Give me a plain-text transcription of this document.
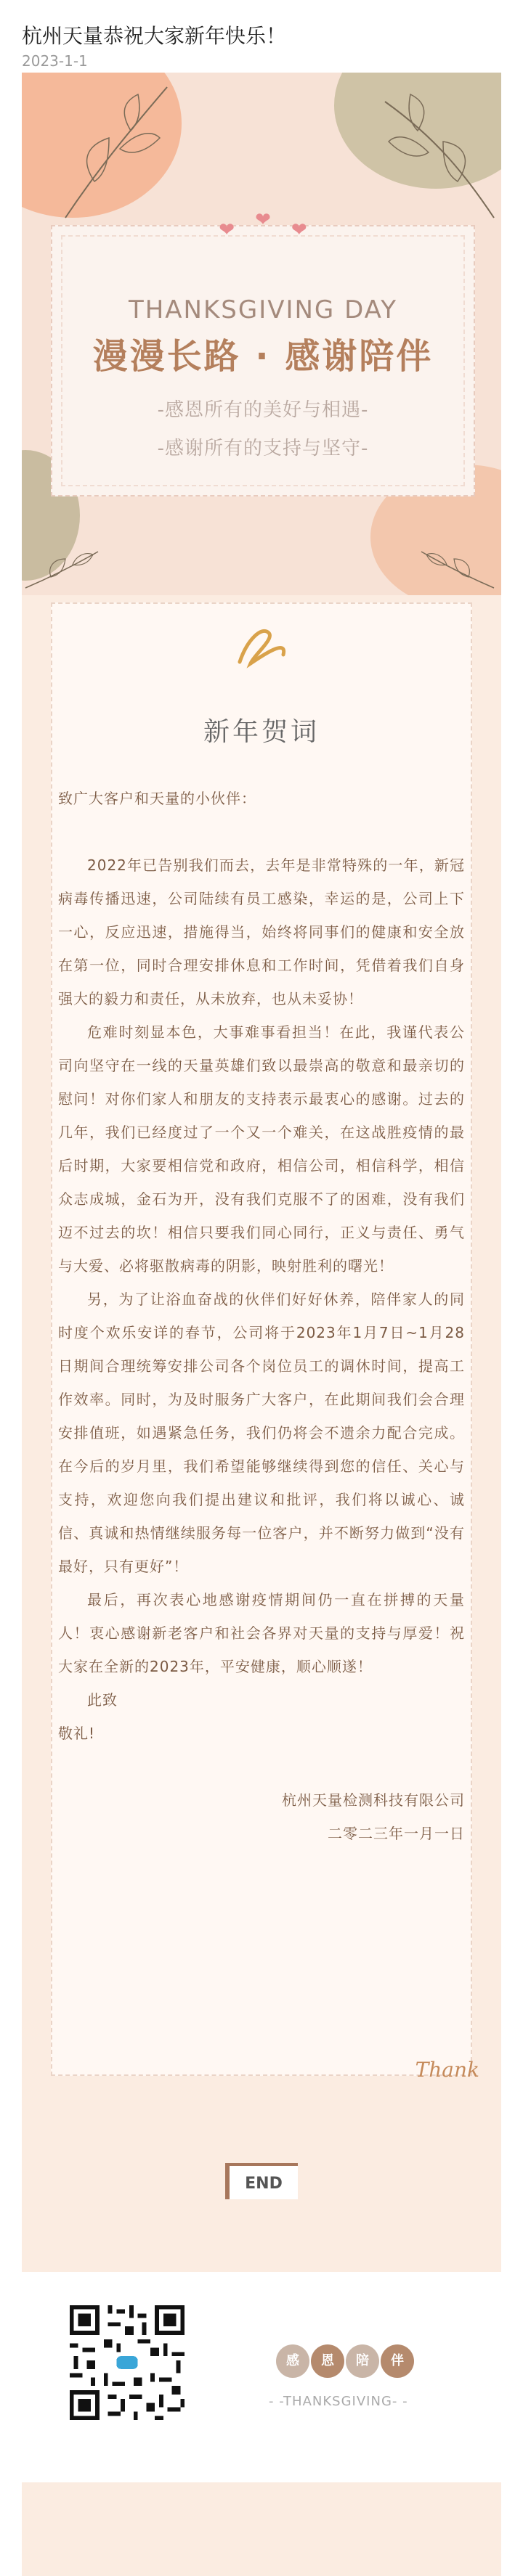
杭州天量恭祝大家新年快乐！
2023-1-1
❤ ❤ ❤
THANKSGIVING DAY
漫漫长路 · 感谢陪伴
-感恩所有的美好与相遇-
-感谢所有的支持与坚守-
新年贺词

致广大客户和天量的小伙伴：

2022年已告别我们而去，去年是非常特殊的一年，新冠病毒传播迅速，公司陆续有员工感染，幸运的是，公司上下一心，反应迅速，措施得当，始终将同事们的健康和安全放在第一位，同时合理安排休息和工作时间，凭借着我们自身强大的毅力和责任，从未放弃，也从未妥协！

危难时刻显本色，大事难事看担当！在此，我谨代表公司向坚守在一线的天量英雄们致以最崇高的敬意和最亲切的慰问！对你们家人和朋友的支持表示最衷心的感谢。过去的几年，我们已经度过了一个又一个难关，在这战胜疫情的最后时期，大家要相信党和政府，相信公司，相信科学，相信众志成城，金石为开，没有我们克服不了的困难，没有我们迈不过去的坎！相信只要我们同心同行，正义与责任、勇气与大爱、必将驱散病毒的阴影，映射胜利的曙光！

另，为了让浴血奋战的伙伴们好好休养，陪伴家人的同时度个欢乐安详的春节，公司将于2023年1月7日~1月28日期间合理统筹安排公司各个岗位员工的调休时间，提高工作效率。同时，为及时服务广大客户，在此期间我们会合理安排值班，如遇紧急任务，我们仍将会不遗余力配合完成。在今后的岁月里，我们希望能够继续得到您的信任、关心与支持，欢迎您向我们提出建议和批评，我们将以诚心、诚信、真诚和热情继续服务每一位客户，并不断努力做到“没有最好，只有更好”！

最后，再次表心地感谢疫情期间仍一直在拼搏的天量人！衷心感谢新老客户和社会各界对天量的支持与厚爱！祝大家在全新的2023年，平安健康，顺心顺遂！

此致

敬礼!

杭州天量检测科技有限公司

二零二三年一月一日

Thank
END
感 恩 陪 伴
- -THANKSGIVING- -
